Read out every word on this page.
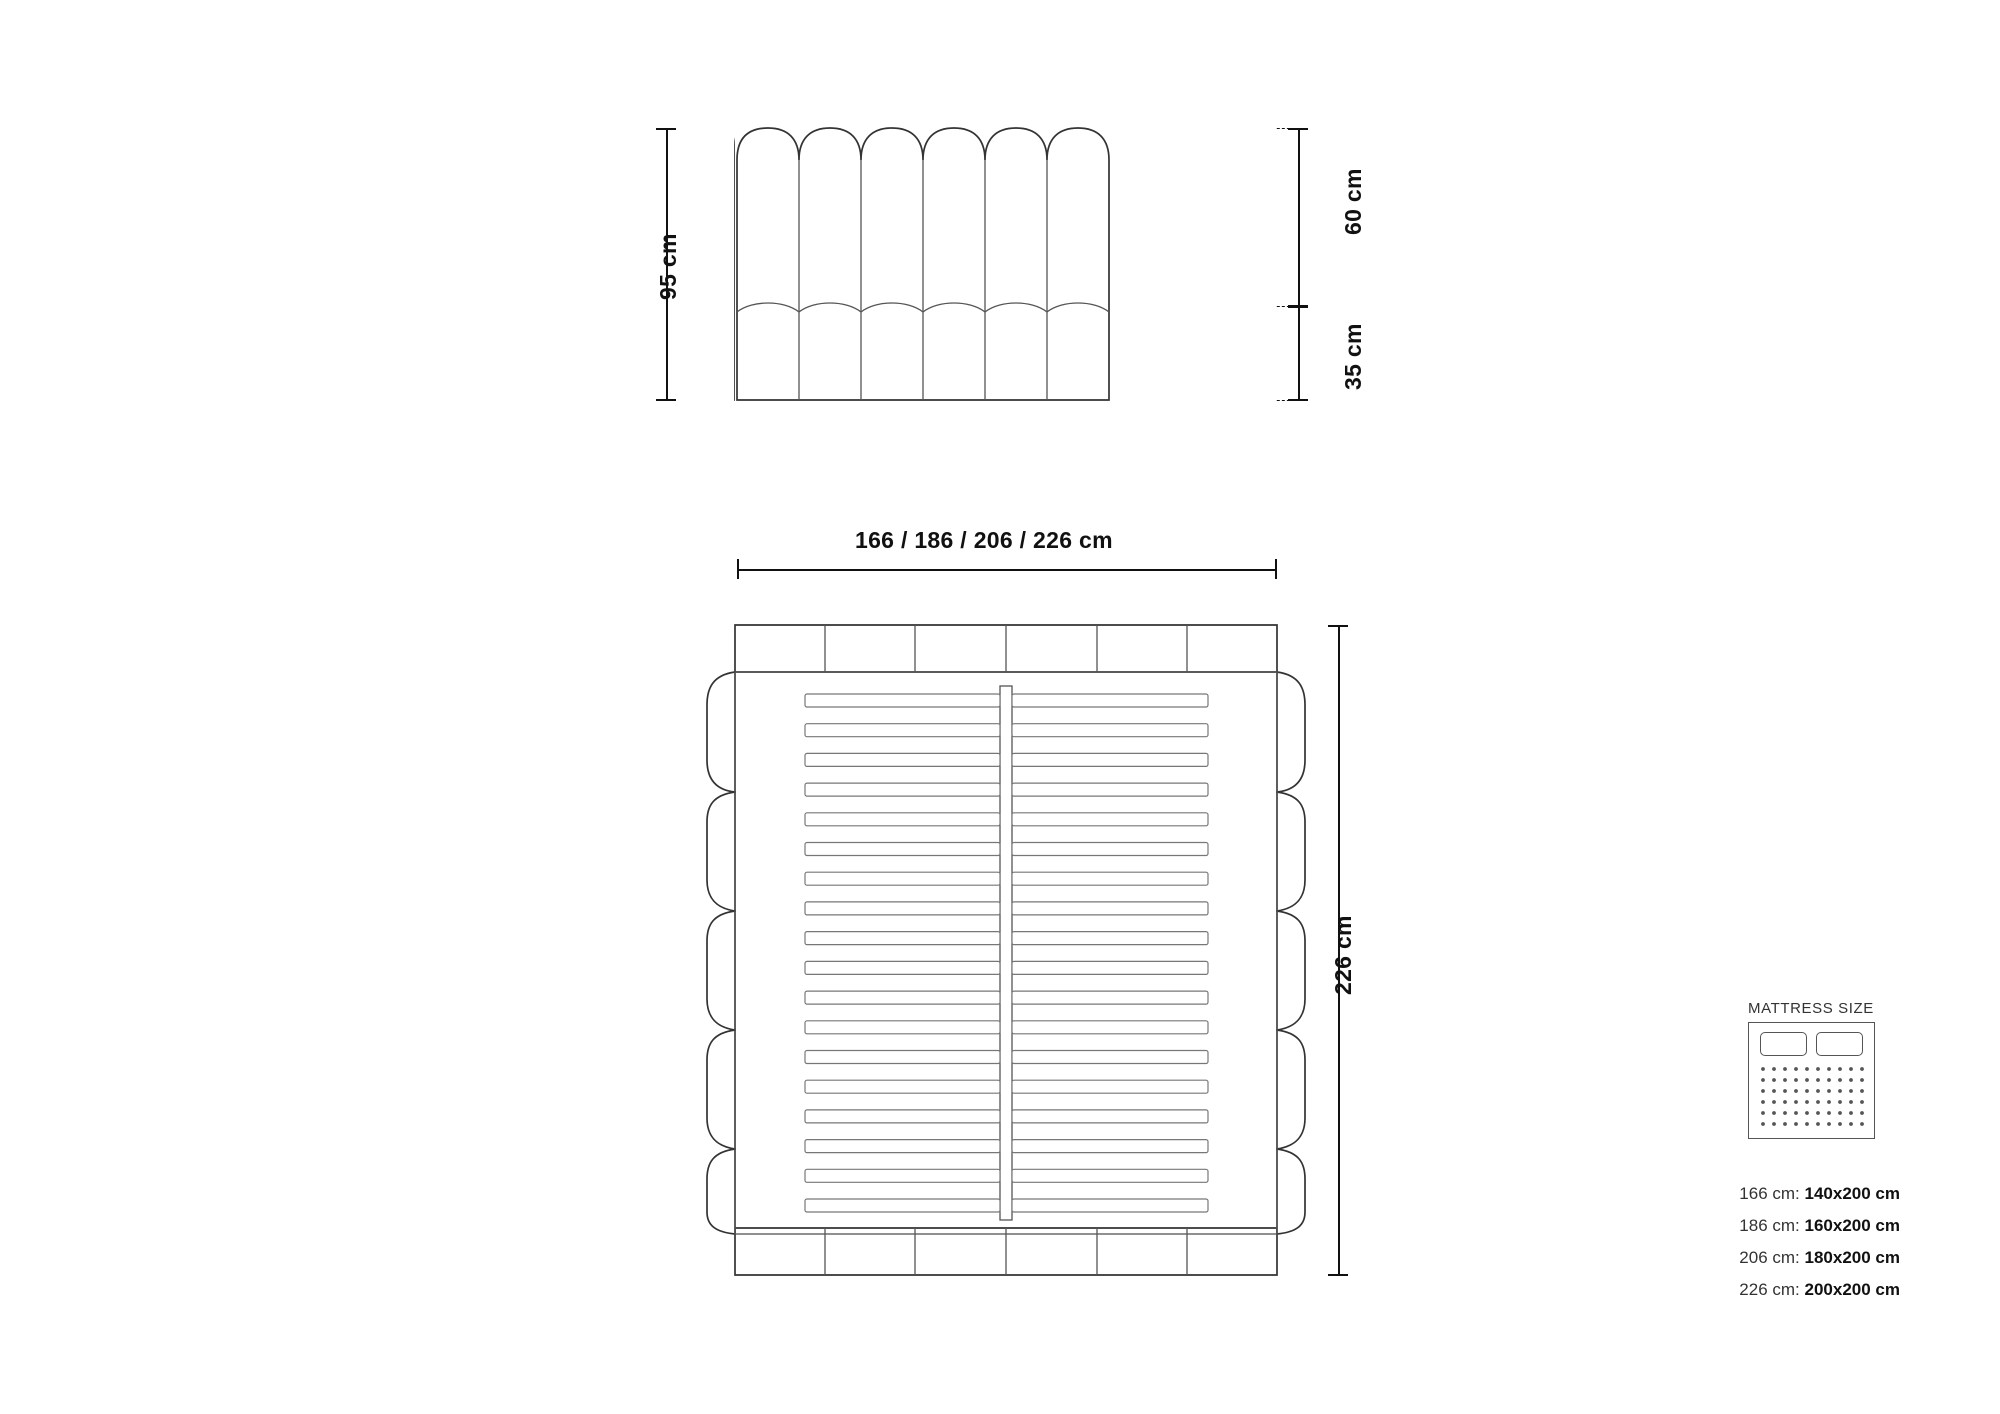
95 cm
60 cm
35 cm
166 / 186 / 206 / 226 cm
226 cm
MATTRESS SIZE
166 cm: 140x200 cm
186 cm: 160x200 cm
206 cm: 180x200 cm
226 cm: 200x200 cm
